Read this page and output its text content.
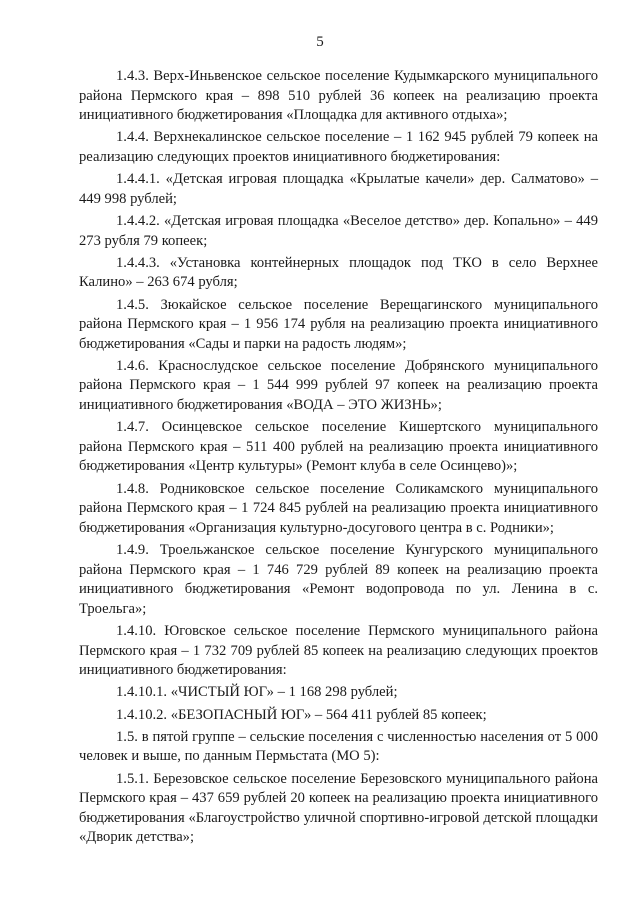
5

1.4.3. Верх-Иньвенское сельское поселение Кудымкарского муниципального района Пермского края – 898 510 рублей 36 копеек на реализацию проекта инициативного бюджетирования «Площадка для активного отдыха»;

1.4.4. Верхнекалинское сельское поселение – 1 162 945 рублей 79 копеек на реализацию следующих проектов инициативного бюджетирования:

1.4.4.1. «Детская игровая площадка «Крылатые качели» дер. Салматово» – 449 998 рублей;

1.4.4.2. «Детская игровая площадка «Веселое детство» дер. Копально» – 449 273 рубля 79 копеек;

1.4.4.3. «Установка контейнерных площадок под ТКО в село Верхнее Калино» – 263 674 рубля;

1.4.5. Зюкайское сельское поселение Верещагинского муниципального района Пермского края – 1 956 174 рубля на реализацию проекта инициативного бюджетирования «Сады и парки на радость людям»;

1.4.6. Краснослудское сельское поселение Добрянского муниципального района Пермского края – 1 544 999 рублей 97 копеек на реализацию проекта инициативного бюджетирования «ВОДА – ЭТО ЖИЗНЬ»;

1.4.7. Осинцевское сельское поселение Кишертского муниципального района Пермского края – 511 400 рублей на реализацию проекта инициативного бюджетирования «Центр культуры» (Ремонт клуба в селе Осинцево)»;

1.4.8. Родниковское сельское поселение Соликамского муниципального района Пермского края – 1 724 845 рублей на реализацию проекта инициативного бюджетирования «Организация культурно-досугового центра в с. Родники»;

1.4.9. Троельжанское сельское поселение Кунгурского муниципального района Пермского края – 1 746 729 рублей 89 копеек на реализацию проекта инициативного бюджетирования «Ремонт водопровода по ул. Ленина в с. Троельга»;

1.4.10. Юговское сельское поселение Пермского муниципального района Пермского края – 1 732 709 рублей 85 копеек на реализацию следующих проектов инициативного бюджетирования:

1.4.10.1. «ЧИСТЫЙ ЮГ» – 1 168 298 рублей;

1.4.10.2. «БЕЗОПАСНЫЙ ЮГ» – 564 411 рублей 85 копеек;

1.5. в пятой группе – сельские поселения с численностью населения от 5 000 человек и выше, по данным Пермьстата (МО 5):

1.5.1. Березовское сельское поселение Березовского муниципального района Пермского края – 437 659 рублей 20 копеек на реализацию проекта инициативного бюджетирования «Благоустройство уличной спортивно-игровой детской площадки «Дворик детства»;
